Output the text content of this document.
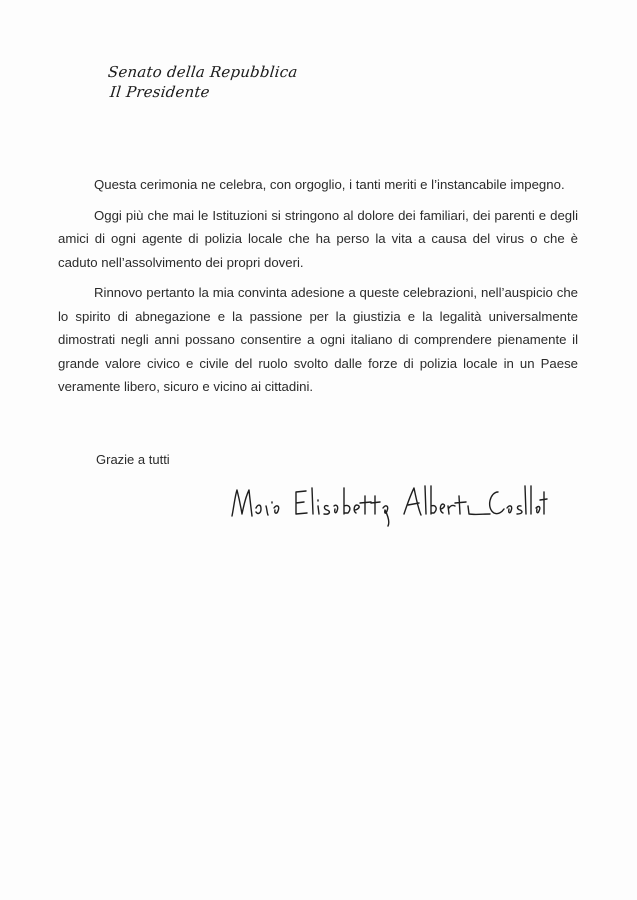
Senato della Repubblica
Il Presidente

Questa cerimonia ne celebra, con orgoglio, i tanti meriti e l’instancabile impegno.

Oggi più che mai le Istituzioni si stringono al dolore dei familiari, dei parenti e degli amici di ogni agente di polizia locale che ha perso la vita a causa del virus o che è caduto nell’assolvimento dei propri doveri.

Rinnovo pertanto la mia convinta adesione a queste celebrazioni, nell’auspicio che lo spirito di abnegazione e la passione per la giustizia e la legalità universalmente dimostrati negli anni possano consentire a ogni italiano di comprendere pienamente il grande valore civico e civile del ruolo svolto dalle forze di polizia locale in un Paese veramente libero, sicuro e vicino ai cittadini.

Grazie a tutti
